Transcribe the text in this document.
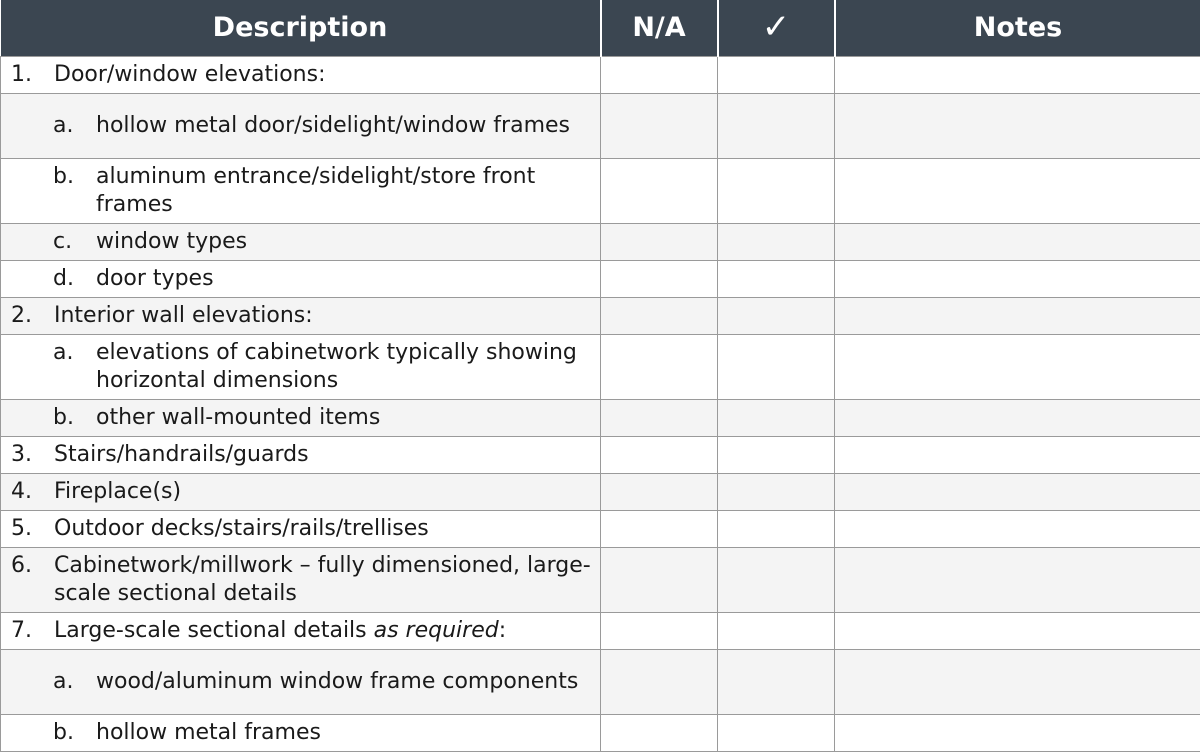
Description	N/A	✓	Notes

1. Door/window elevations:			

a. hollow metal door/sidelight/window frames			

b. aluminum entrance/sidelight/store front frames			

c. window types			

d. door types			

2. Interior wall elevations:			

a. elevations of cabinetwork typically showing horizontal dimensions			

b. other wall-mounted items			

3. Stairs/handrails/guards			

4. Fireplace(s)			

5. Outdoor decks/stairs/rails/trellises			

6. Cabinetwork/millwork – fully dimensioned, large-scale sectional details			

7. Large-scale sectional details as required:			

a. wood/aluminum window frame components			

b. hollow metal frames			
